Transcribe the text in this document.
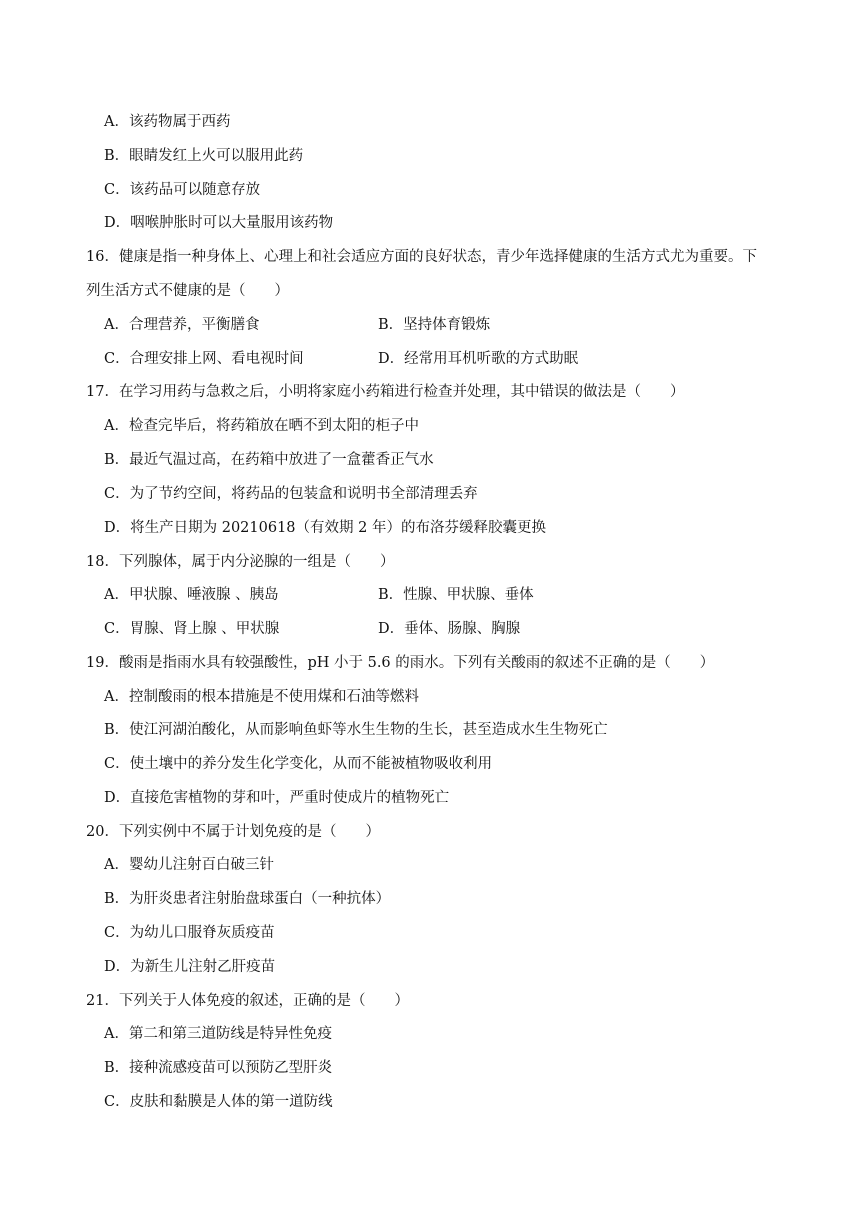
A．该药物属于西药
B．眼睛发红上火可以服用此药
C．该药品可以随意存放
D．咽喉肿胀时可以大量服用该药物
16．健康是指一种身体上、心理上和社会适应方面的良好状态，青少年选择健康的生活方式尤为重要。下
列生活方式不健康的是（　　）
A．合理营养，平衡膳食	B．坚持体育锻炼
C．合理安排上网、看电视时间	D．经常用耳机听歌的方式助眠
17．在学习用药与急救之后，小明将家庭小药箱进行检查并处理，其中错误的做法是（　　）
A．检查完毕后，将药箱放在晒不到太阳的柜子中
B．最近气温过高，在药箱中放进了一盒藿香正气水
C．为了节约空间，将药品的包装盒和说明书全部清理丢弃
D．将生产日期为 20210618（有效期 2 年）的布洛芬缓释胶囊更换
18．下列腺体，属于内分泌腺的一组是（　　）
A．甲状腺、唾液腺 、胰岛	B．性腺、甲状腺、垂体
C．胃腺、肾上腺 、甲状腺	D．垂体、肠腺、胸腺
19．酸雨是指雨水具有较强酸性，pH 小于 5.6 的雨水。下列有关酸雨的叙述不正确的是（　　）
A．控制酸雨的根本措施是不使用煤和石油等燃料
B．使江河湖泊酸化，从而影响鱼虾等水生生物的生长，甚至造成水生生物死亡
C．使土壤中的养分发生化学变化，从而不能被植物吸收利用
D．直接危害植物的芽和叶，严重时使成片的植物死亡
20．下列实例中不属于计划免疫的是（　　）
A．婴幼儿注射百白破三针
B．为肝炎患者注射胎盘球蛋白（一种抗体）
C．为幼儿口服脊灰质疫苗
D．为新生儿注射乙肝疫苗
21．下列关于人体免疫的叙述，正确的是（　　）
A．第二和第三道防线是特异性免疫
B．接种流感疫苗可以预防乙型肝炎
C．皮肤和黏膜是人体的第一道防线
